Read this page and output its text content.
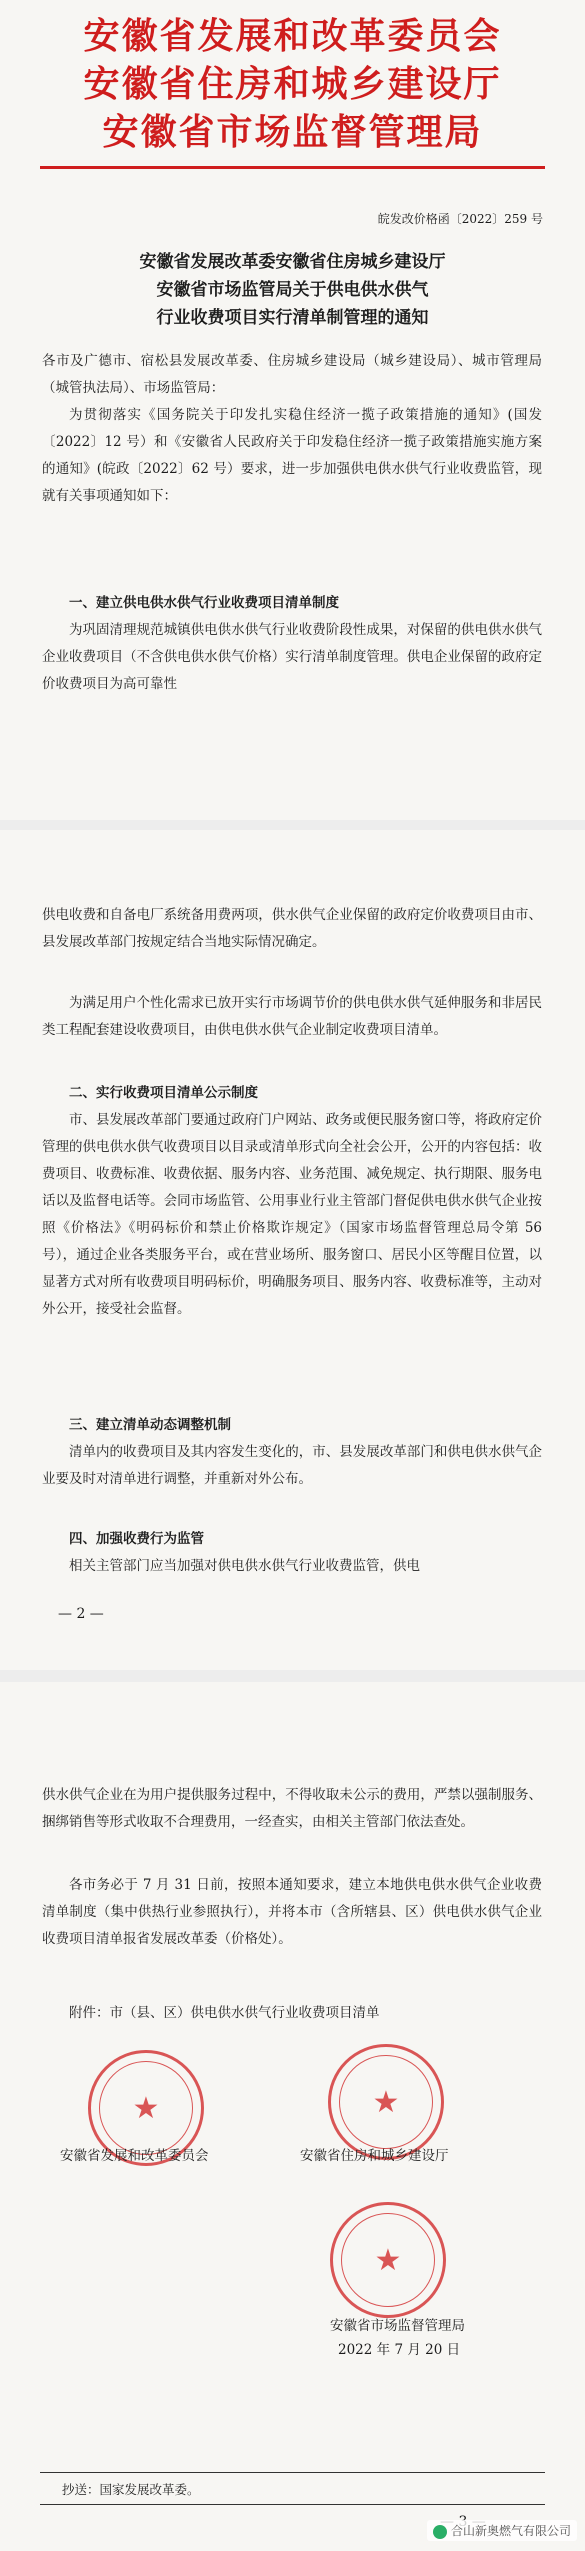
安徽省发展和改革委员会
安徽省住房和城乡建设厅
安徽省市场监督管理局
皖发改价格函〔2022〕259 号
安徽省发展改革委安徽省住房城乡建设厅
安徽省市场监管局关于供电供水供气
行业收费项目实行清单制管理的通知

各市及广德市、宿松县发展改革委、住房城乡建设局（城乡建设局）、城市管理局（城管执法局）、市场监管局：

为贯彻落实《国务院关于印发扎实稳住经济一揽子政策措施的通知》(国发〔2022〕12 号）和《安徽省人民政府关于印发稳住经济一揽子政策措施实施方案的通知》(皖政〔2022〕62 号）要求，进一步加强供电供水供气行业收费监管，现就有关事项通知如下：

一、建立供电供水供气行业收费项目清单制度

为巩固清理规范城镇供电供水供气行业收费阶段性成果，对保留的供电供水供气企业收费项目（不含供电供水供气价格）实行清单制度管理。供电企业保留的政府定价收费项目为高可靠性

供电收费和自备电厂系统备用费两项，供水供气企业保留的政府定价收费项目由市、县发展改革部门按规定结合当地实际情况确定。

为满足用户个性化需求已放开实行市场调节价的供电供水供气延伸服务和非居民类工程配套建设收费项目，由供电供水供气企业制定收费项目清单。

二、实行收费项目清单公示制度

市、县发展改革部门要通过政府门户网站、政务或便民服务窗口等，将政府定价管理的供电供水供气收费项目以目录或清单形式向全社会公开，公开的内容包括：收费项目、收费标准、收费依据、服务内容、业务范围、减免规定、执行期限、服务电话以及监督电话等。会同市场监管、公用事业行业主管部门督促供电供水供气企业按照《价格法》《明码标价和禁止价格欺诈规定》（国家市场监督管理总局令第 56 号），通过企业各类服务平台，或在营业场所、服务窗口、居民小区等醒目位置，以显著方式对所有收费项目明码标价，明确服务项目、服务内容、收费标准等，主动对外公开，接受社会监督。

三、建立清单动态调整机制

清单内的收费项目及其内容发生变化的，市、县发展改革部门和供电供水供气企业要及时对清单进行调整，并重新对外公布。

四、加强收费行为监管

相关主管部门应当加强对供电供水供气行业收费监管，供电

— 2 —

供水供气企业在为用户提供服务过程中，不得收取未公示的费用，严禁以强制服务、捆绑销售等形式收取不合理费用，一经查实，由相关主管部门依法查处。

各市务必于 7 月 31 日前，按照本通知要求，建立本地供电供水供气企业收费清单制度（集中供热行业参照执行），并将本市（含所辖县、区）供电供水供气企业收费项目清单报省发展改革委（价格处）。

附件：市（县、区）供电供水供气行业收费项目清单

★	★
安徽省发展和改革委员会	安徽省住房和城乡建设厅
★
安徽省市场监督管理局
2022 年 7 月 20 日
抄送：国家发展改革委。
合山新奥燃气有限公司
